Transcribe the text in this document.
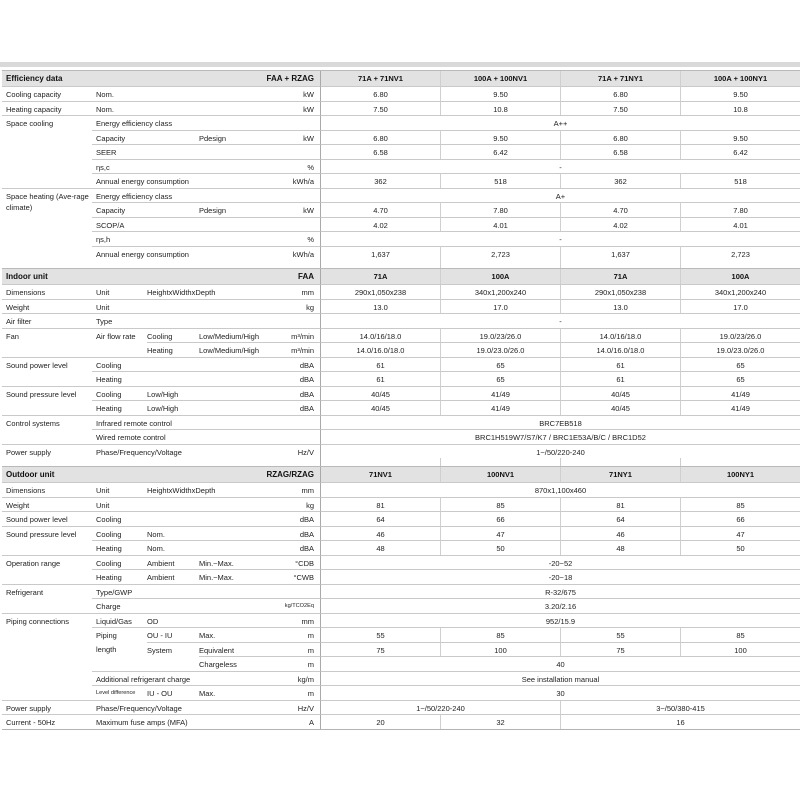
Efficiency data	FAA + RZAG	71A + 71NV1	100A + 100NV1	71A + 71NY1	100A + 100NY1
Cooling capacity	Nom.	kW	6.80	9.50	6.80	9.50
Heating capacity	Nom.	kW	7.50	10.8	7.50	10.8
Space cooling	Energy efficiency class	A++
Capacity	Pdesign	kW	6.80	9.50	6.80	9.50
SEER	6.58	6.42	6.58	6.42
ηs,c	%	-
Annual energy consumption	kWh/a	362	518	362	518
Space heating (Ave-rage climate)
Energy efficiency class	A+
Capacity	Pdesign	kW	4.70	7.80	4.70	7.80
SCOP/A	4.02	4.01	4.02	4.01
ηs,h	%	-
Annual energy consumption	kWh/a	1,637	2,723	1,637	2,723
Indoor unit	FAA	71A	100A	71A	100A
Dimensions	Unit	HeightxWidthxDepth	mm	290x1,050x238	340x1,200x240	290x1,050x238	340x1,200x240
Weight	Unit	kg	13.0	17.0	13.0	17.0
Air filter	Type	-
Fan	Air flow rate	Cooling	Low/Medium/High	m³/min	14.0/16/18.0	19.0/23/26.0	14.0/16/18.0	19.0/23/26.0
Heating	Low/Medium/High	m³/min	14.0/16.0/18.0	19.0/23.0/26.0	14.0/16.0/18.0	19.0/23.0/26.0
Sound power level	Cooling	dBA	61	65	61	65
Heating	dBA	61	65	61	65
Sound pressure level	Cooling	Low/High	dBA	40/45	41/49	40/45	41/49
Heating	Low/High	dBA	40/45	41/49	40/45	41/49
Control systems	Infrared remote control	BRC7EB518
Wired remote control	BRC1H519W7/S7/K7 / BRC1E53A/B/C / BRC1D52
Power supply	Phase/Frequency/Voltage	Hz/V	1~/50/220-240
Outdoor unit	RZAG/RZAG	71NV1	100NV1	71NY1	100NY1
Dimensions	Unit	HeightxWidthxDepth	mm	870x1,100x460
Weight	Unit	kg	81	85	81	85
Sound power level	Cooling	dBA	64	66	64	66
Sound pressure level	Cooling	Nom.	dBA	46	47	46	47
Heating	Nom.	dBA	48	50	48	50
Operation range	Cooling	Ambient	Min.~Max.	°CDB	-20~52
Heating	Ambient	Min.~Max.	°CWB	-20~18
Refrigerant	Type/GWP	R-32/675
Charge	kg/TCO2Eq	3.20/2.16
Piping connections	Liquid/Gas	OD	mm	952/15.9
Piping	OU - IU	Max.	m	55	85	55	85
length	System	Equivalent	m	75	100	75	100
Chargeless	m	40
Additional refrigerant charge	kg/m	See installation manual
Level difference	IU - OU	Max.	m	30
Power supply	Phase/Frequency/Voltage	Hz/V	1~/50/220-240	3~/50/380-415
Current - 50Hz	Maximum fuse amps (MFA)	A	20	32	16
